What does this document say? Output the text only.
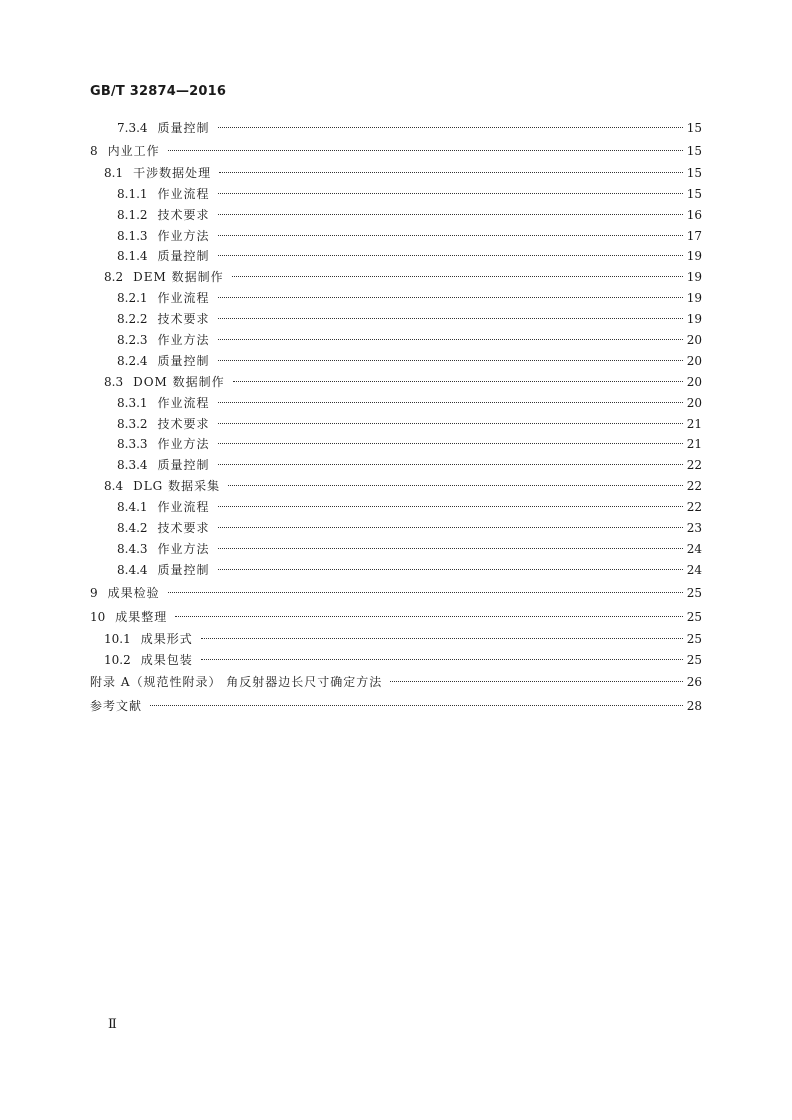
GB/T 32874—2016
7.3.4 质量控制	15
8 内业工作	15
8.1 干涉数据处理	15
8.1.1 作业流程	15
8.1.2 技术要求	16
8.1.3 作业方法	17
8.1.4 质量控制	19
8.2 DEM 数据制作	19
8.2.1 作业流程	19
8.2.2 技术要求	19
8.2.3 作业方法	20
8.2.4 质量控制	20
8.3 DOM 数据制作	20
8.3.1 作业流程	20
8.3.2 技术要求	21
8.3.3 作业方法	21
8.3.4 质量控制	22
8.4 DLG 数据采集	22
8.4.1 作业流程	22
8.4.2 技术要求	23
8.4.3 作业方法	24
8.4.4 质量控制	24
9 成果检验	25
10 成果整理	25
10.1 成果形式	25
10.2 成果包装	25
附录 A（规范性附录） 角反射器边长尺寸确定方法	26
参考文献	28
Ⅱ
